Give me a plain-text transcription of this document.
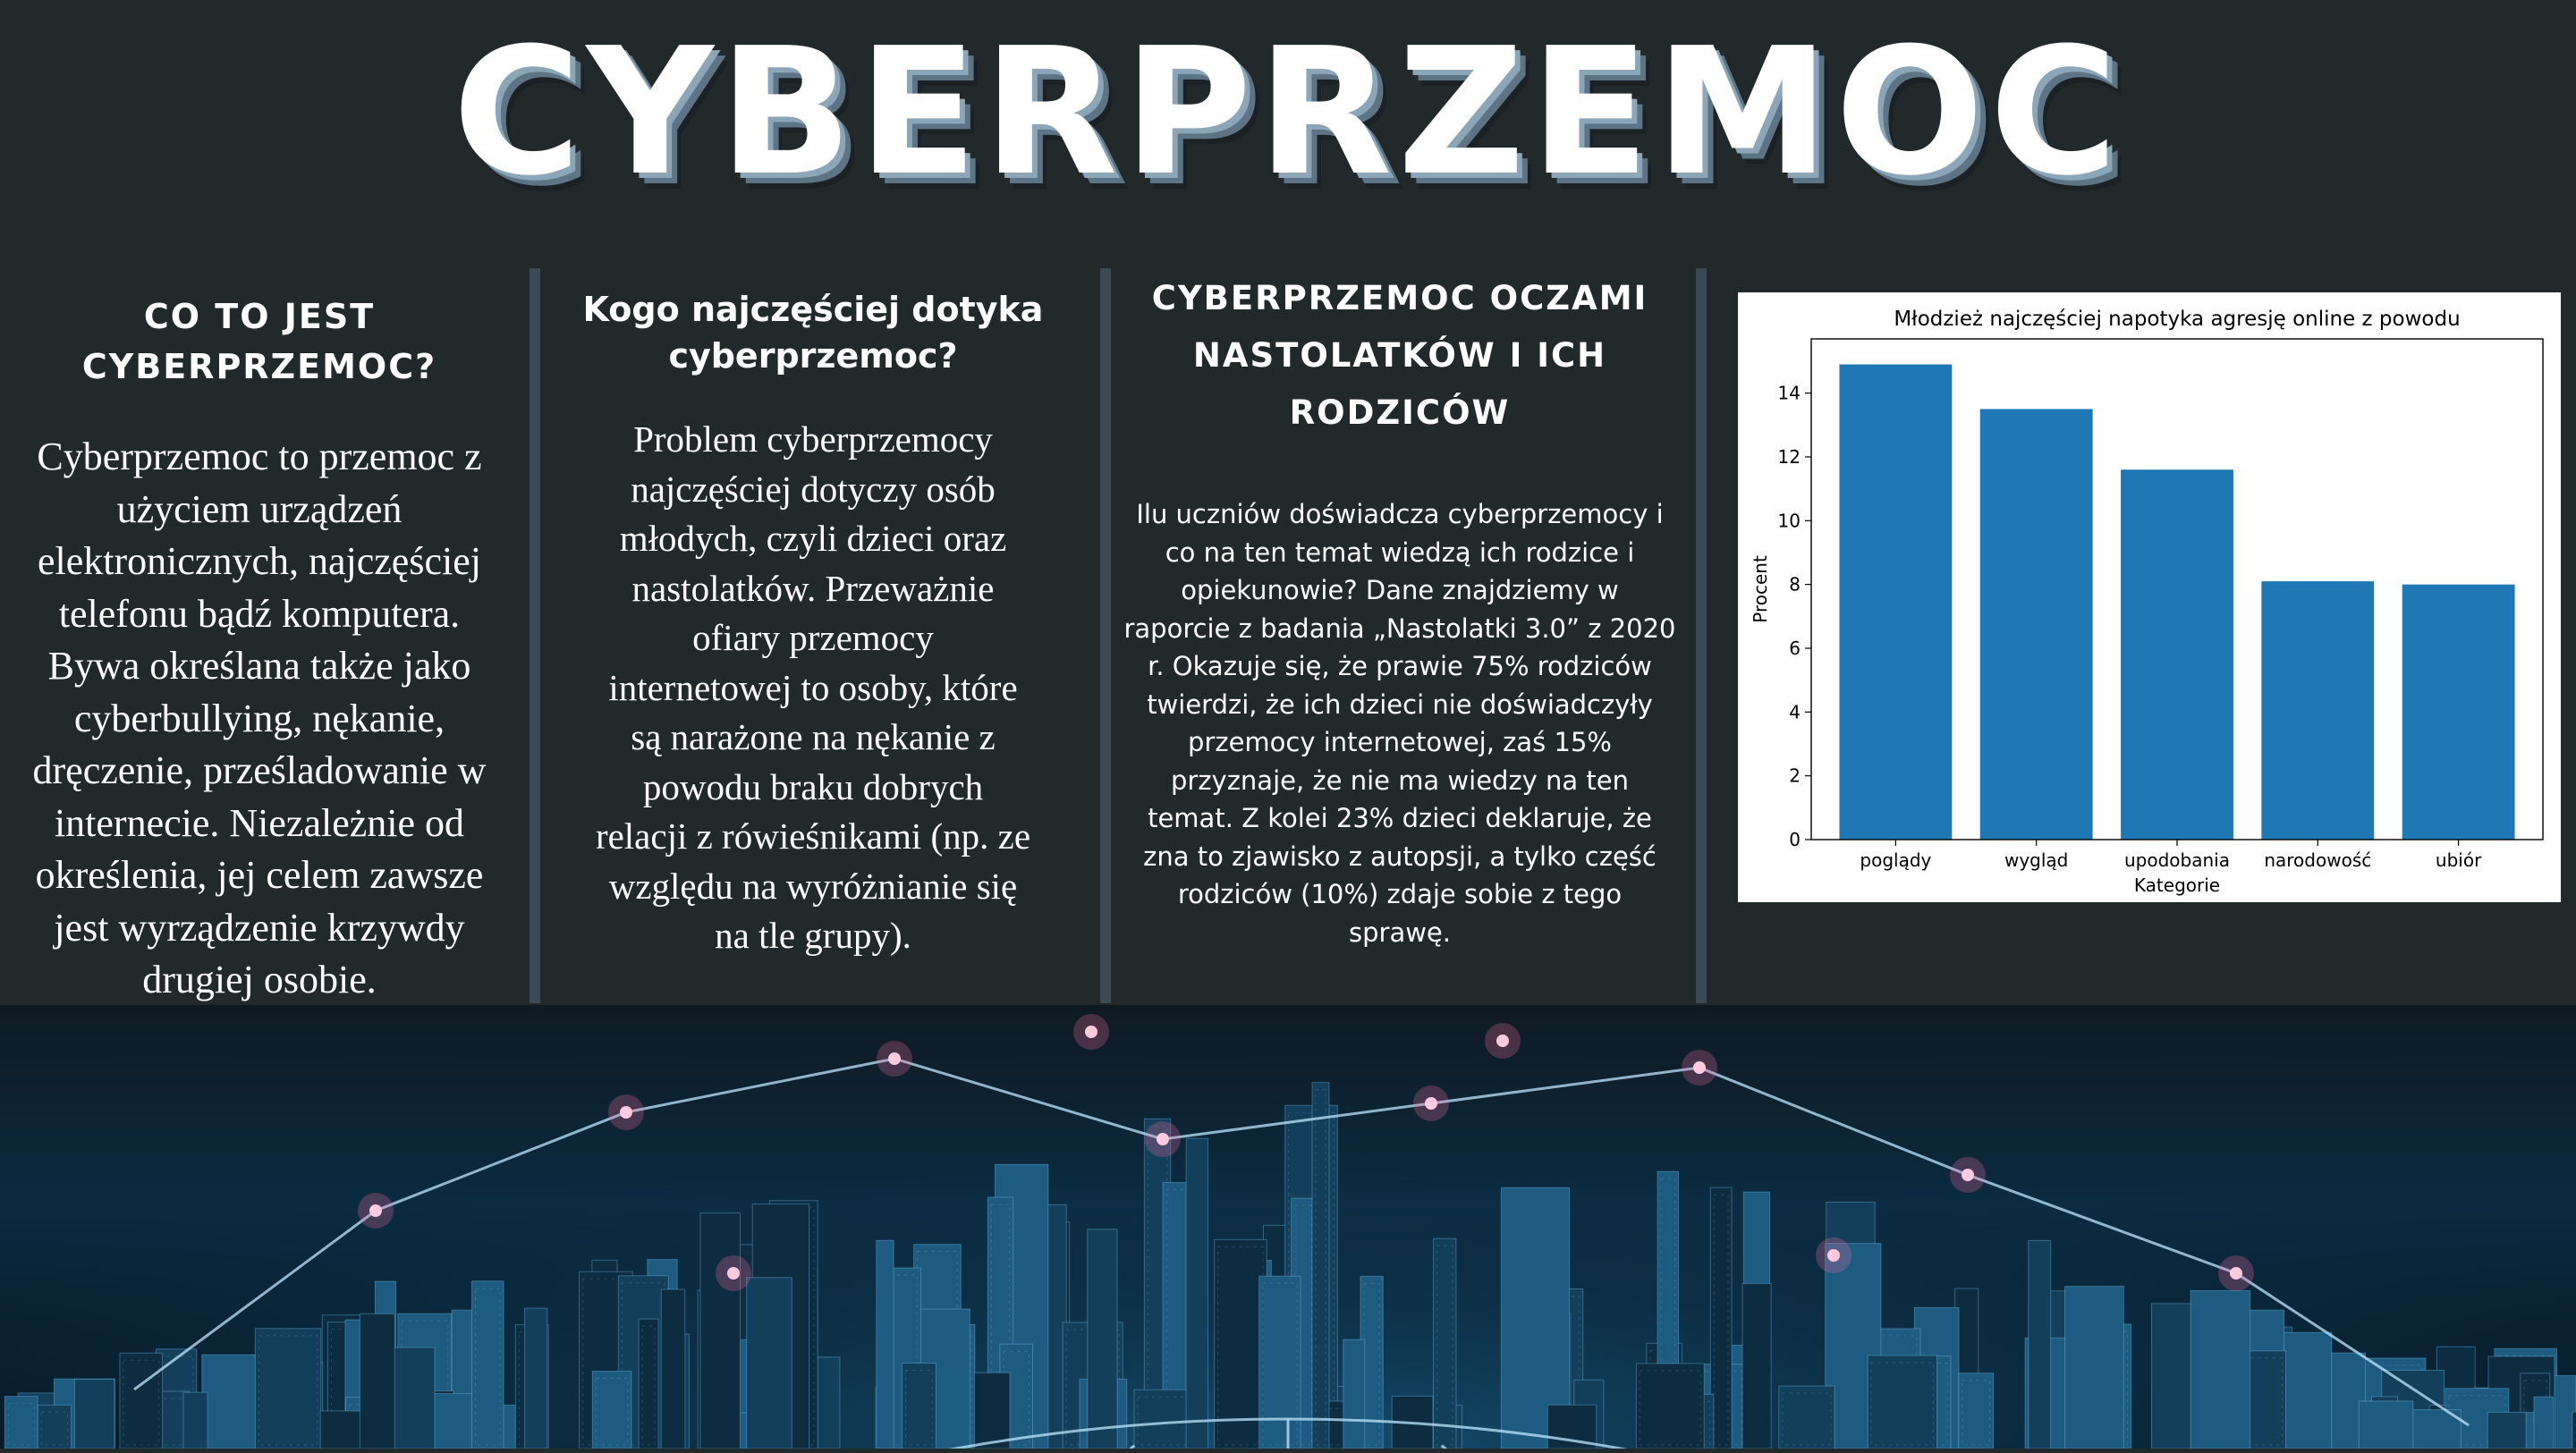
CYBERPRZEMOC
CO TO JEST
CYBERPRZEMOC?
Cyberprzemoc to przemoc z
użyciem urządzeń
elektronicznych, najczęściej
telefonu bądź komputera.
Bywa określana także jako
cyberbullying, nękanie,
dręczenie, prześladowanie w
internecie. Niezależnie od
określenia, jej celem zawsze
jest wyrządzenie krzywdy
drugiej osobie.
Kogo najczęściej dotyka
cyberprzemoc?
Problem cyberprzemocy
najczęściej dotyczy osób
młodych, czyli dzieci oraz
nastolatków. Przeważnie
ofiary przemocy
internetowej to osoby, które
są narażone na nękanie z
powodu braku dobrych
relacji z rówieśnikami (np. ze
względu na wyróżnianie się
na tle grupy).
CYBERPRZEMOC OCZAMI
NASTOLATKÓW I ICH RODZICÓW
Ilu uczniów doświadcza cyberprzemocy i
co na ten temat wiedzą ich rodzice i
opiekunowie? Dane znajdziemy w
raporcie z badania „Nastolatki 3.0” z 2020
r. Okazuje się, że prawie 75% rodziców
twierdzi, że ich dzieci nie doświadczyły
przemocy internetowej, zaś 15%
przyznaje, że nie ma wiedzy na ten
temat. Z kolei 23% dzieci deklaruje, że
zna to zjawisko z autopsji, a tylko część
rodziców (10%) zdaje sobie z tego
sprawę.
Młodzież najczęściej napotyka agresję online z powodu
poglądy	wygląd	upodobania narodowość	ubiór
0
2
4
6
8
10
12
14
Kategorie
Procent
